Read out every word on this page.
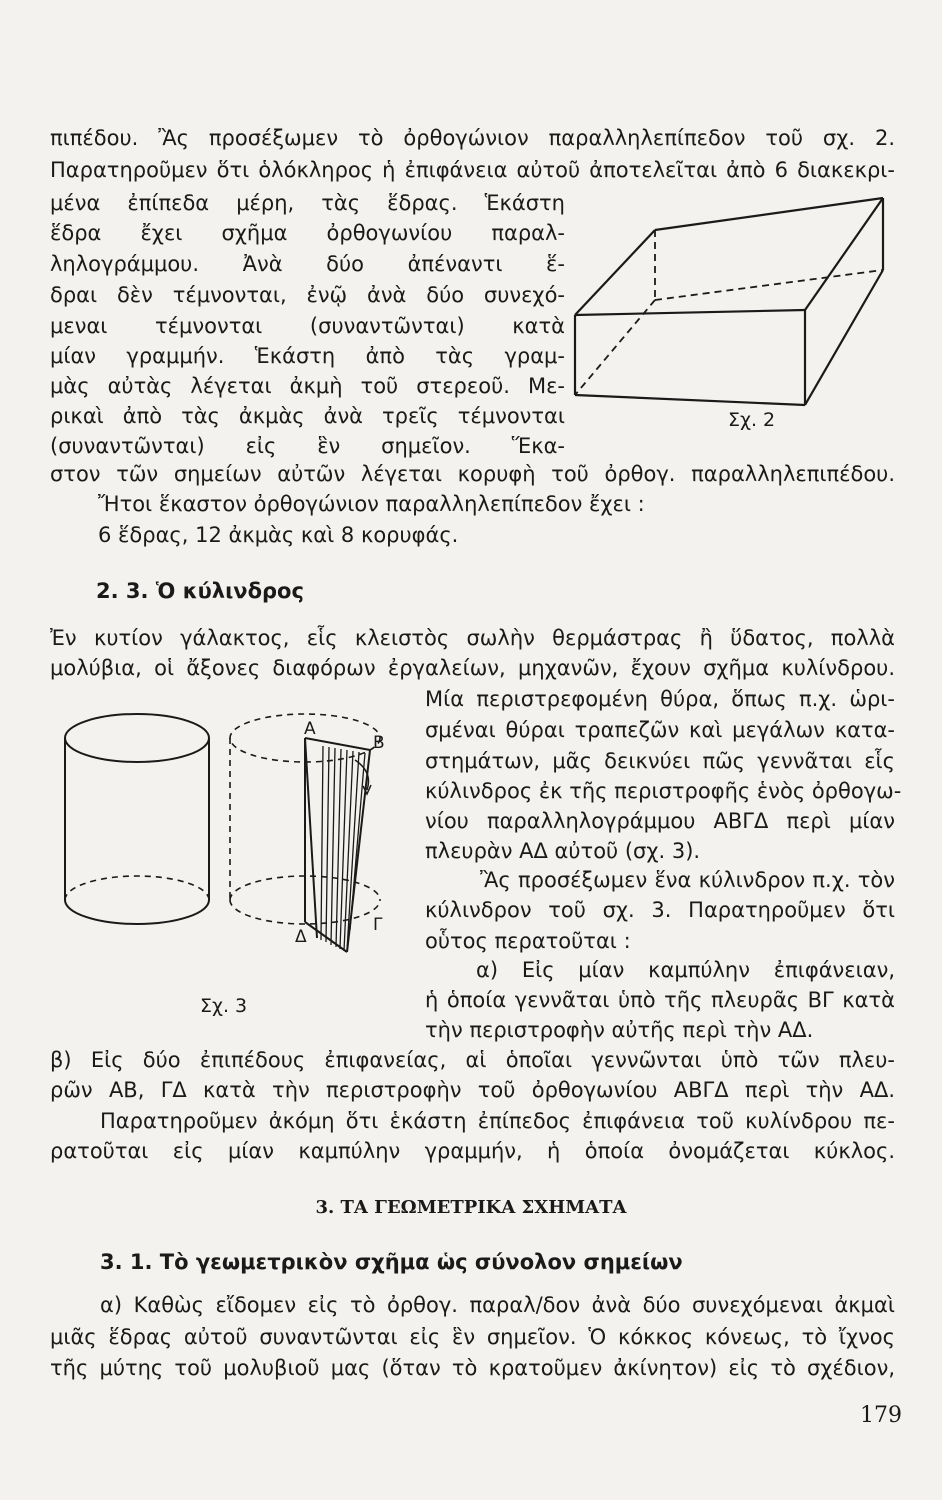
πιπέδου. Ἂς προσέξωμεν τὸ ὀρθογώνιον παραλληλεπίπεδον τοῦ σχ. 2.
Παρατηροῦμεν ὅτι ὁλόκληρος ἡ ἐπιφάνεια αὐτοῦ ἀποτελεῖται ἀπὸ 6 διακεκρι-
μένα ἐπίπεδα μέρη, τὰς ἕδρας. Ἑκάστη
ἕδρα ἔχει σχῆμα ὀρθογωνίου παραλ-
ληλογράμμου. Ἀνὰ δύο ἀπέναντι ἕ-
δραι δὲν τέμνονται, ἐνῷ ἀνὰ δύο συνεχό-
μεναι τέμνονται (συναντῶνται) κατὰ
μίαν γραμμήν. Ἑκάστη ἀπὸ τὰς γραμ-
μὰς αὐτὰς λέγεται ἀκμὴ τοῦ στερεοῦ. Με-
ρικαὶ ἀπὸ τὰς ἀκμὰς ἀνὰ τρεῖς τέμνονται
(συναντῶνται) εἰς ἓν σημεῖον. Ἕκα-
στον τῶν σημείων αὐτῶν λέγεται κορυφὴ τοῦ ὀρθογ. παραλληλεπιπέδου.
Ἤτοι ἕκαστον ὀρθογώνιον παραλληλεπίπεδον ἔχει :
6 ἕδρας, 12 ἀκμὰς καὶ 8 κορυφάς.
Σχ. 2
2. 3. Ὁ κύλινδρος
Ἐν κυτίον γάλακτος, εἷς κλειστὸς σωλὴν θερμάστρας ἢ ὕδατος, πολλὰ
μολύβια, οἱ ἄξονες διαφόρων ἐργαλείων, μηχανῶν, ἔχουν σχῆμα κυλίνδρου.
Μία περιστρεφομένη θύρα, ὅπως π.χ. ὡρι-
σμέναι θύραι τραπεζῶν καὶ μεγάλων κατα-
στημάτων, μᾶς δεικνύει πῶς γεννᾶται εἷς
κύλινδρος ἐκ τῆς περιστροφῆς ἑνὸς ὀρθογω-
νίου παραλληλογράμμου ΑΒΓΔ περὶ μίαν
πλευρὰν ΑΔ αὐτοῦ (σχ. 3).
Ἂς προσέξωμεν ἕνα κύλινδρον π.χ. τὸν
κύλινδρον τοῦ σχ. 3. Παρατηροῦμεν ὅτι
οὗτος περατοῦται :
α) Εἰς μίαν καμπύλην ἐπιφάνειαν,
ἡ ὁποία γεννᾶται ὑπὸ τῆς πλευρᾶς ΒΓ κατὰ
τὴν περιστροφὴν αὐτῆς περὶ τὴν ΑΔ.
Α
Β
Δ
Γ
Σχ. 3
β) Εἰς δύο ἐπιπέδους ἐπιφανείας, αἱ ὁποῖαι γεννῶνται ὑπὸ τῶν πλευ-
ρῶν ΑΒ, ΓΔ κατὰ τὴν περιστροφὴν τοῦ ὀρθογωνίου ΑΒΓΔ περὶ τὴν ΑΔ.
Παρατηροῦμεν ἀκόμη ὅτι ἑκάστη ἐπίπεδος ἐπιφάνεια τοῦ κυλίνδρου πε-
ρατοῦται εἰς μίαν καμπύλην γραμμήν, ἡ ὁποία ὀνομάζεται κύκλος.
3. ΤΑ ΓΕΩΜΕΤΡΙΚΑ ΣΧΗΜΑΤΑ
3. 1. Τὸ γεωμετρικὸν σχῆμα ὡς σύνολον σημείων
α) Καθὼς εἴδομεν εἰς τὸ ὀρθογ. παραλ/δον ἀνὰ δύο συνεχόμεναι ἀκμαὶ
μιᾶς ἕδρας αὐτοῦ συναντῶνται εἰς ἓν σημεῖον. Ὁ κόκκος κόνεως, τὸ ἴχνος
τῆς μύτης τοῦ μολυβιοῦ μας (ὅταν τὸ κρατοῦμεν ἀκίνητον) εἰς τὸ σχέδιον,
179
